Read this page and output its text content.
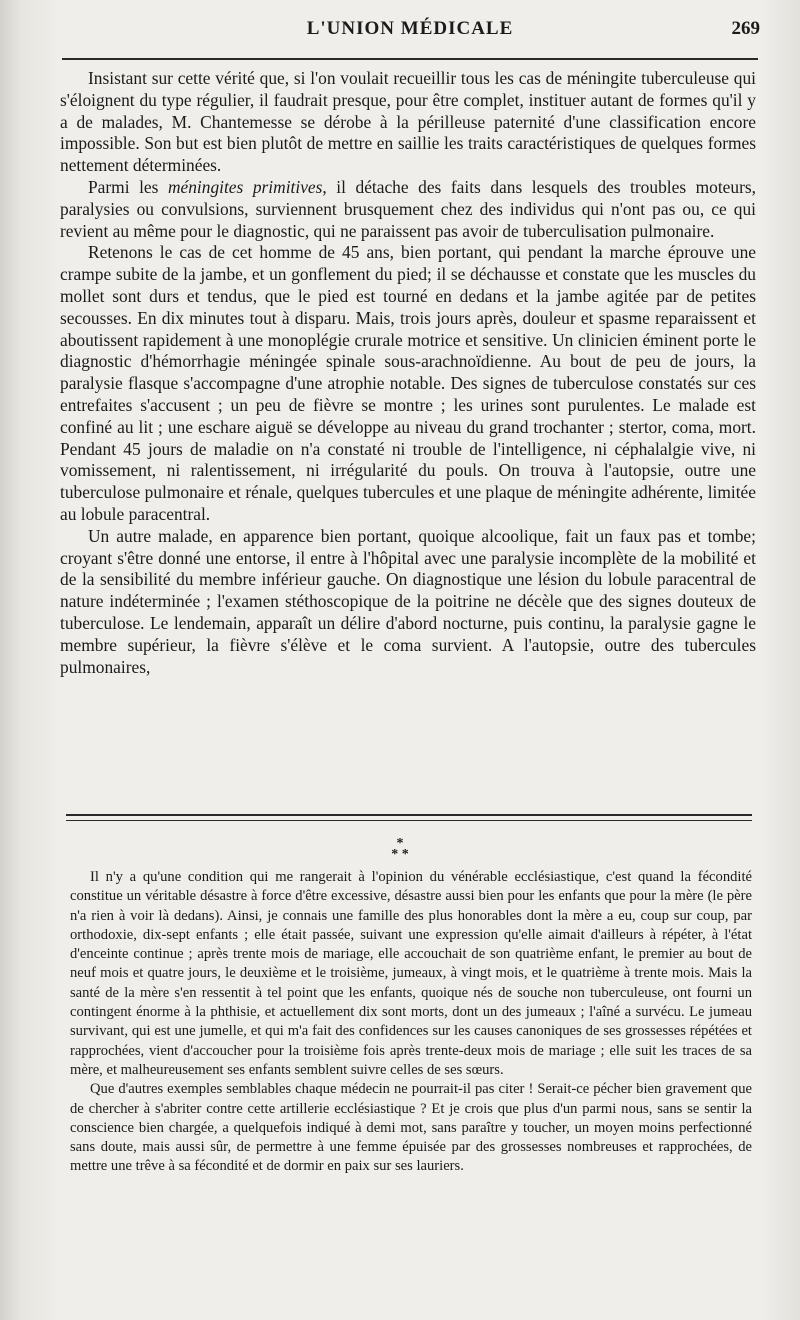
L'UNION MÉDICALE	269

Insistant sur cette vérité que, si l'on voulait recueillir tous les cas de méningite tuberculeuse qui s'éloignent du type régulier, il faudrait presque, pour être complet, instituer autant de formes qu'il y a de malades, M. Chantemesse se dérobe à la périlleuse paternité d'une classification encore impossible. Son but est bien plutôt de mettre en saillie les traits caractéristiques de quelques formes nettement déterminées.

Parmi les méningites primitives, il détache des faits dans lesquels des troubles moteurs, paralysies ou convulsions, surviennent brusquement chez des individus qui n'ont pas ou, ce qui revient au même pour le diagnostic, qui ne paraissent pas avoir de tuberculisation pulmonaire.

Retenons le cas de cet homme de 45 ans, bien portant, qui pendant la marche éprouve une crampe subite de la jambe, et un gonflement du pied; il se déchausse et constate que les muscles du mollet sont durs et tendus, que le pied est tourné en dedans et la jambe agitée par de petites secousses. En dix minutes tout à disparu. Mais, trois jours après, douleur et spasme reparaissent et aboutissent rapidement à une monoplégie crurale motrice et sensitive. Un clinicien éminent porte le diagnostic d'hémorrhagie méningée spinale sous-arachnoïdienne. Au bout de peu de jours, la paralysie flasque s'accompagne d'une atrophie notable. Des signes de tuberculose constatés sur ces entrefaites s'accusent ; un peu de fièvre se montre ; les urines sont purulentes. Le malade est confiné au lit ; une eschare aiguë se développe au niveau du grand trochanter ; stertor, coma, mort. Pendant 45 jours de maladie on n'a constaté ni trouble de l'intelligence, ni céphalalgie vive, ni vomissement, ni ralentissement, ni irrégularité du pouls. On trouva à l'autopsie, outre une tuberculose pulmonaire et rénale, quelques tubercules et une plaque de méningite adhérente, limitée au lobule paracentral.

Un autre malade, en apparence bien portant, quoique alcoolique, fait un faux pas et tombe; croyant s'être donné une entorse, il entre à l'hôpital avec une paralysie incomplète de la mobilité et de la sensibilité du membre inférieur gauche. On diagnostique une lésion du lobule paracentral de nature indéterminée ; l'examen stéthoscopique de la poitrine ne décèle que des signes douteux de tuberculose. Le lendemain, apparaît un délire d'abord nocturne, puis continu, la paralysie gagne le membre supérieur, la fièvre s'élève et le coma survient. A l'autopsie, outre des tubercules pulmonaires,

*
* *

Il n'y a qu'une condition qui me rangerait à l'opinion du vénérable ecclésiastique, c'est quand la fécondité constitue un véritable désastre à force d'être excessive, désastre aussi bien pour les enfants que pour la mère (le père n'a rien à voir là dedans). Ainsi, je connais une famille des plus honorables dont la mère a eu, coup sur coup, par orthodoxie, dix-sept enfants ; elle était passée, suivant une expression qu'elle aimait d'ailleurs à répéter, à l'état d'enceinte continue ; après trente mois de mariage, elle accouchait de son quatrième enfant, le premier au bout de neuf mois et quatre jours, le deuxième et le troisième, jumeaux, à vingt mois, et le quatrième à trente mois. Mais la santé de la mère s'en ressentit à tel point que les enfants, quoique nés de souche non tuberculeuse, ont fourni un contingent énorme à la phthisie, et actuellement dix sont morts, dont un des jumeaux ; l'aîné a survécu. Le jumeau survivant, qui est une jumelle, et qui m'a fait des confidences sur les causes canoniques de ses grossesses répétées et rapprochées, vient d'accoucher pour la troisième fois après trente-deux mois de mariage ; elle suit les traces de sa mère, et malheureusement ses enfants semblent suivre celles de ses sœurs.

Que d'autres exemples semblables chaque médecin ne pourrait-il pas citer ! Serait-ce pécher bien gravement que de chercher à s'abriter contre cette artillerie ecclésiastique ? Et je crois que plus d'un parmi nous, sans se sentir la conscience bien chargée, a quelquefois indiqué à demi mot, sans paraître y toucher, un moyen moins perfectionné sans doute, mais aussi sûr, de permettre à une femme épuisée par des grossesses nombreuses et rapprochées, de mettre une trêve à sa fécondité et de dormir en paix sur ses lauriers.
